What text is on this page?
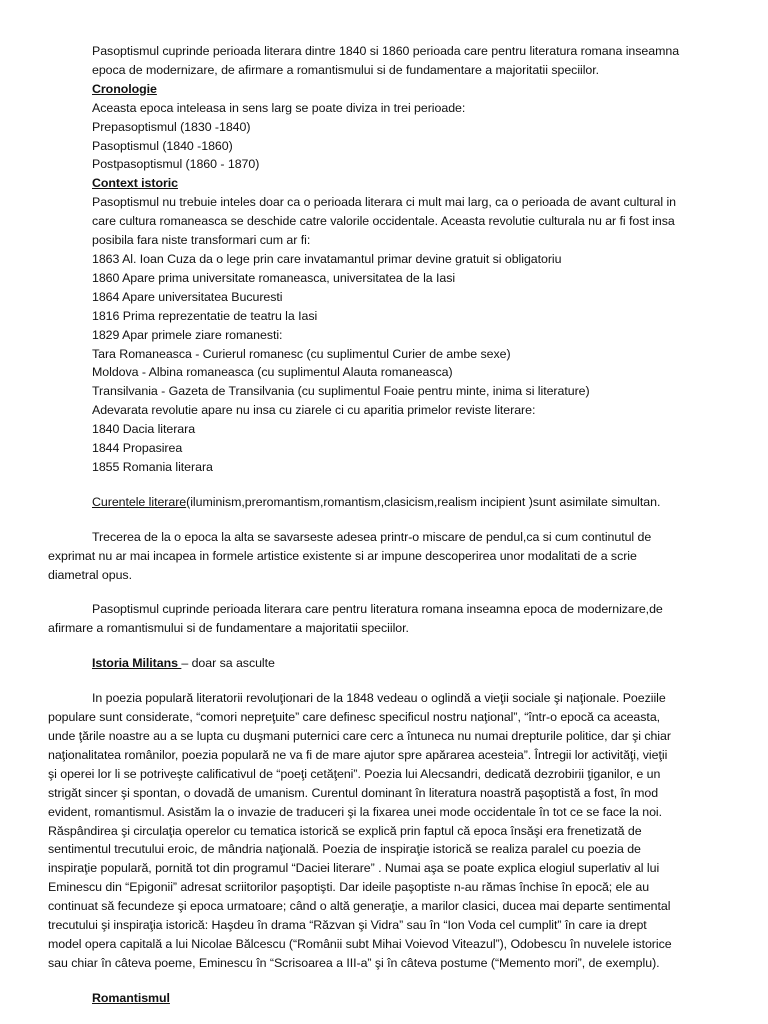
Pasoptismul cuprinde perioada literara dintre 1840 si 1860 perioada care pentru literatura romana inseamna
epoca de modernizare, de afirmare a romantismului si de fundamentare a majoritatii speciilor.
Cronologie
Aceasta epoca inteleasa in sens larg se poate diviza in trei perioade:
Prepasoptismul (1830 -1840)
Pasoptismul (1840 -1860)
Postpasoptismul (1860 - 1870)
Context istoric
Pasoptismul nu trebuie inteles doar ca o perioada literara ci mult mai larg, ca o perioada de avant cultural in
care cultura romaneasca se deschide catre valorile occidentale. Aceasta revolutie culturala nu ar fi fost insa
posibila fara niste transformari cum ar fi:
1863 Al. Ioan Cuza da o lege prin care invatamantul primar devine gratuit si obligatoriu
1860 Apare prima universitate romaneasca, universitatea de la Iasi
1864 Apare universitatea Bucuresti
1816 Prima reprezentatie de teatru la Iasi
1829 Apar primele ziare romanesti:
Tara Romaneasca - Curierul romanesc (cu suplimentul Curier de ambe sexe)
Moldova - Albina romaneasca (cu suplimentul Alauta romaneasca)
Transilvania - Gazeta de Transilvania (cu suplimentul Foaie pentru minte, inima si literature)
Adevarata revolutie apare nu insa cu ziarele ci cu aparitia primelor reviste literare:
1840 Dacia literara
1844 Propasirea
1855 Romania literara
Curentele literare(iluminism,preromantism,romantism,clasicism,realism incipient )sunt asimilate simultan.
Trecerea de la o epoca la alta se savarseste adesea printr-o miscare de pendul,ca si cum continutul de
exprimat nu ar mai incapea in formele artistice existente si ar impune descoperirea unor modalitati de a scrie
diametral opus.
Pasoptismul cuprinde perioada literara care pentru literatura romana inseamna epoca de modernizare,de
afirmare a romantismului si de fundamentare a majoritatii speciilor.
Istoria Militans – doar sa asculte
In poezia populară literatorii revoluţionari de la 1848 vedeau o oglindă a vieţii sociale şi naţionale. Poeziile
populare sunt considerate, “comori nepreţuite” care definesc specificul nostru naţional”, “într-o epocă ca aceasta,
unde ţările noastre au a se lupta cu duşmani puternici care cerc a întuneca nu numai drepturile politice, dar şi chiar
naţionalitatea românilor, poezia populară ne va fi de mare ajutor spre apărarea acesteia”. Întregii lor activităţi, vieţii
şi operei lor li se potriveşte calificativul de “poeţi cetăţeni”. Poezia lui Alecsandri, dedicată dezrobirii ţiganilor, e un
strigăt sincer şi spontan, o dovadă de umanism. Curentul dominant în literatura noastră paşoptistă a fost, în mod
evident, romantismul. Asistăm la o invazie de traduceri şi la fixarea unei mode occidentale în tot ce se face la noi.
Răspândirea şi circulaţia operelor cu tematica istorică se explică prin faptul că epoca însăşi era frenetizată de
sentimentul trecutului eroic, de mândria naţională. Poezia de inspiraţie istorică se realiza paralel cu poezia de
inspiraţie populară, pornită tot din programul “Daciei literare” . Numai aşa se poate explica elogiul superlativ al lui
Eminescu din “Epigonii” adresat scriitorilor paşoptişti. Dar ideile paşoptiste n-au rămas închise în epocă; ele au
continuat să fecundeze şi epoca urmatoare; când o altă generaţie, a marilor clasici, ducea mai departe sentimental
trecutului şi inspiraţia istorică: Haşdeu în drama “Răzvan şi Vidra” sau în “Ion Voda cel cumplit” în care ia drept
model opera capitală a lui Nicolae Bălcescu (“Românii subt Mihai Voievod Viteazul”), Odobescu în nuvelele istorice
sau chiar în câteva poeme, Eminescu în “Scrisoarea a III-a” şi în câteva postume (“Memento mori”, de exemplu).
Romantismul
